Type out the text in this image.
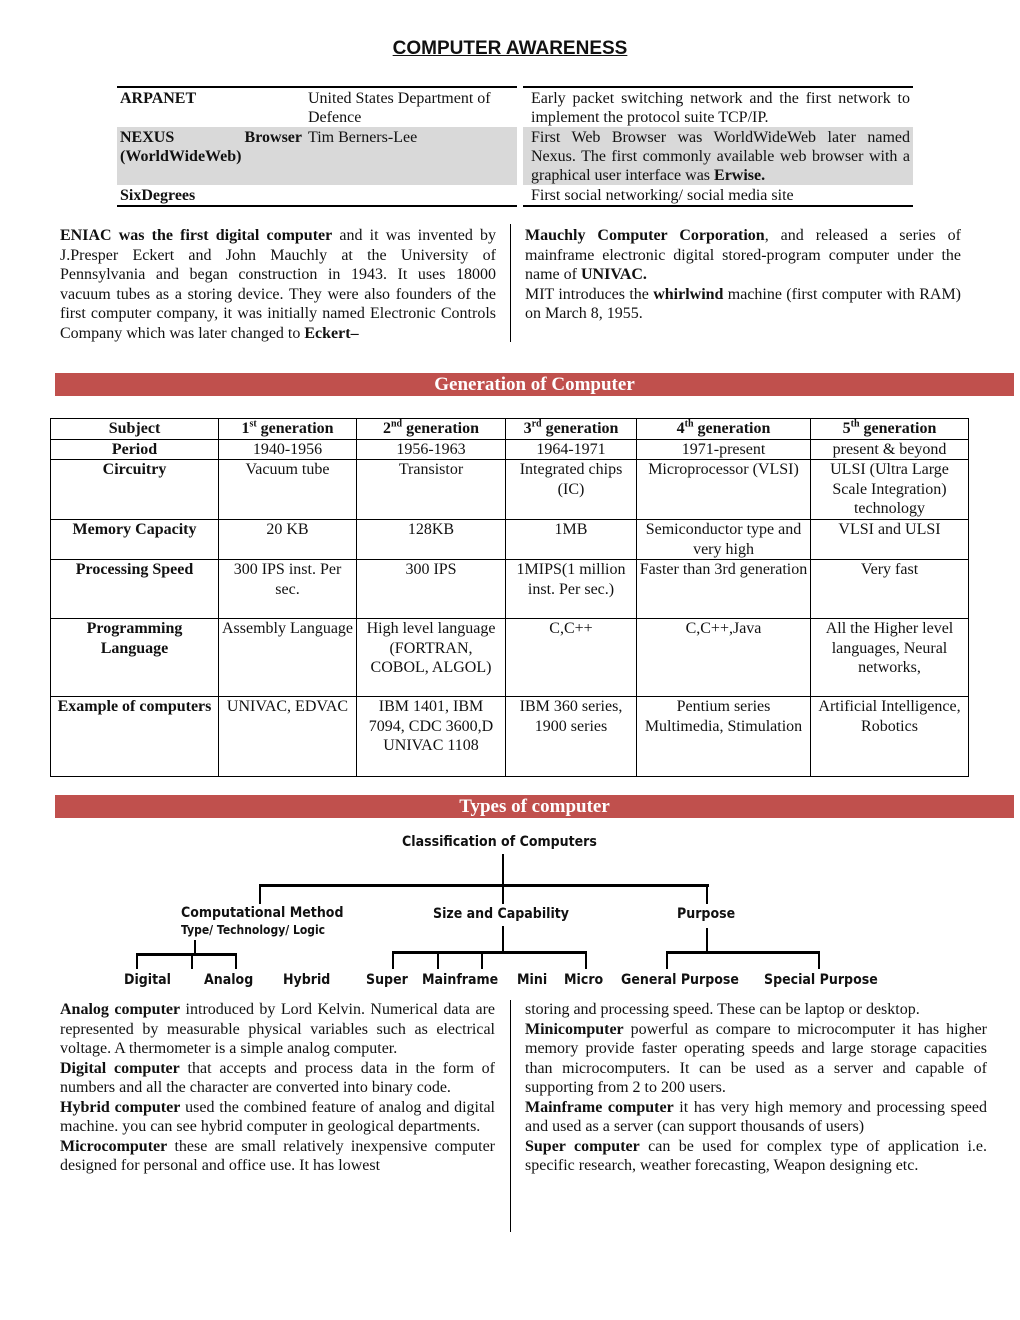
COMPUTER AWARENESS
ARPANET	United States Department of Defence	Early packet switching network and the first network to implement the protocol suite TCP/IP.
NEXUS Browser (WorldWideWeb)	Tim Berners-Lee	First Web Browser was WorldWideWeb later named Nexus. The first commonly available web browser with a graphical user interface was Erwise.
SixDegrees		First social networking/ social media site
ENIAC was the first digital computer and it was invented by J.Presper Eckert and John Mauchly at the University of Pennsylvania and began construction in 1943. It uses 18000 vacuum tubes as a storing device. They were also founders of the first computer company, it was initially named Electronic Controls Company which was later changed to Eckert–
Mauchly Computer Corporation, and released a series of mainframe electronic digital stored-program computer under the name of UNIVAC.
MIT introduces the whirlwind machine (first computer with RAM) on March 8, 1955.
Generation of Computer
Subject	1st generation	2nd generation	3rd generation	4th generation	5th generation
Period	1940-1956	1956-1963	1964-1971	1971-present	present & beyond
Circuitry	Vacuum tube	Transistor	Integrated chips (IC)	Microprocessor (VLSI)	ULSI (Ultra Large Scale Integration) technology
Memory Capacity	20 KB	128KB	1MB	Semiconductor type and very high	VLSI and ULSI
Processing Speed	300 IPS inst. Per sec.	300 IPS	1MIPS(1 million inst. Per sec.)	Faster than 3rd generation	Very fast
Programming Language	Assembly Language	High level language (FORTRAN, COBOL, ALGOL)	C,C++	C,C++,Java	All the Higher level languages, Neural networks,
Example of computers	UNIVAC, EDVAC	IBM 1401, IBM 7094, CDC 3600,D UNIVAC 1108	IBM 360 series, 1900 series	Pentium series Multimedia, Stimulation	Artificial Intelligence, Robotics
Types of computer
Classification of Computers
Computational Method
Type/ Technology/ Logic
Size and Capability	Purpose
Digital Analog Hybrid	Super Mainframe Mini Micro General Purpose Special Purpose
Analog computer introduced by Lord Kelvin. Numerical data are represented by measurable physical variables such as electrical voltage. A thermometer is a simple analog computer.
Digital computer that accepts and process data in the form of numbers and all the character are converted into binary code.
Hybrid computer used the combined feature of analog and digital machine. you can see hybrid computer in geological departments.
Microcomputer these are small relatively inexpensive computer designed for personal and office use. It has lowest
storing and processing speed. These can be laptop or desktop.
Minicomputer powerful as compare to microcomputer it has higher memory provide faster operating speeds and large storage capacities than microcomputers. It can be used as a server and capable of supporting from 2 to 200 users.
Mainframe computer it has very high memory and processing speed and used as a server (can support thousands of users)
Super computer can be used for complex type of application i.e. specific research, weather forecasting, Weapon designing etc.
